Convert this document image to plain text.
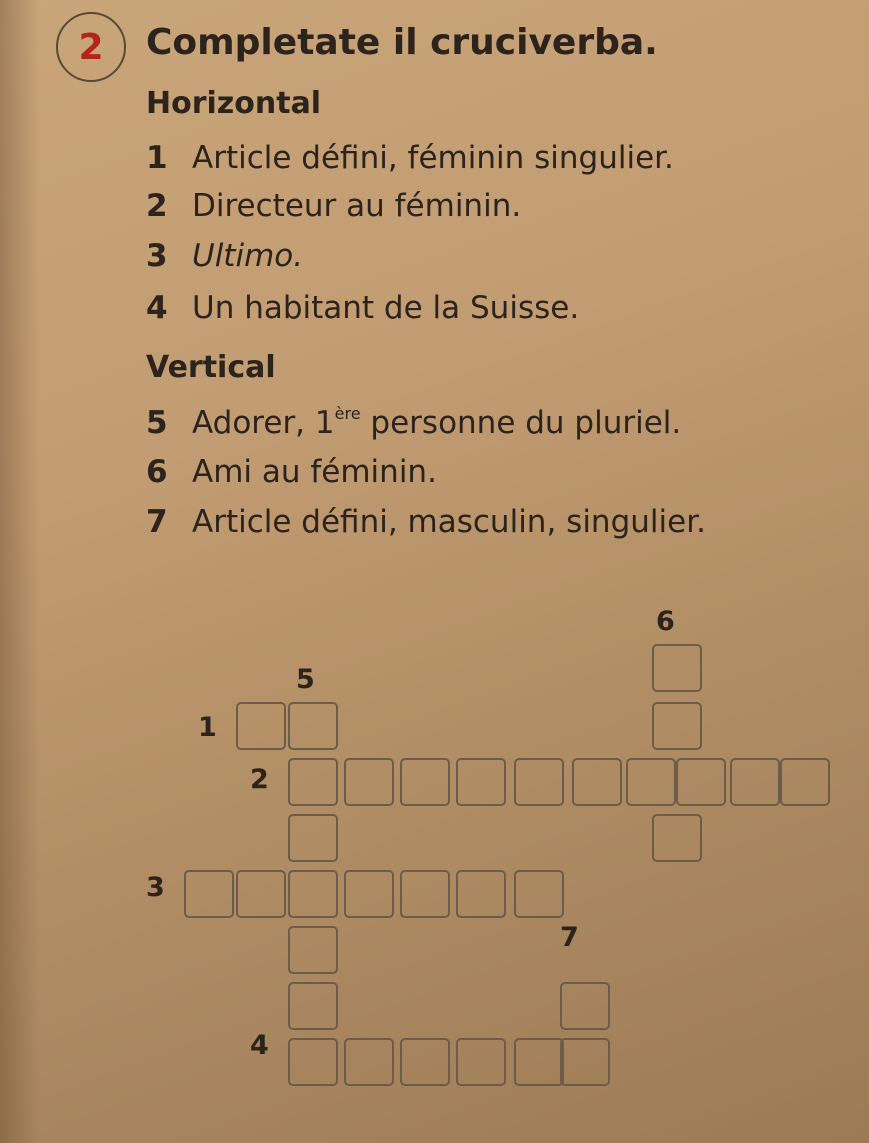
2 Completate il cruciverba.
Horizontal
1 Article défini, féminin singulier.
2 Directeur au féminin.
3 Ultimo.
4 Un habitant de la Suisse.
Vertical
5 Adorer, 1ère personne du pluriel.
6 Ami au féminin.
7 Article défini, masculin, singulier.
6
5
1
2
3
7
4
